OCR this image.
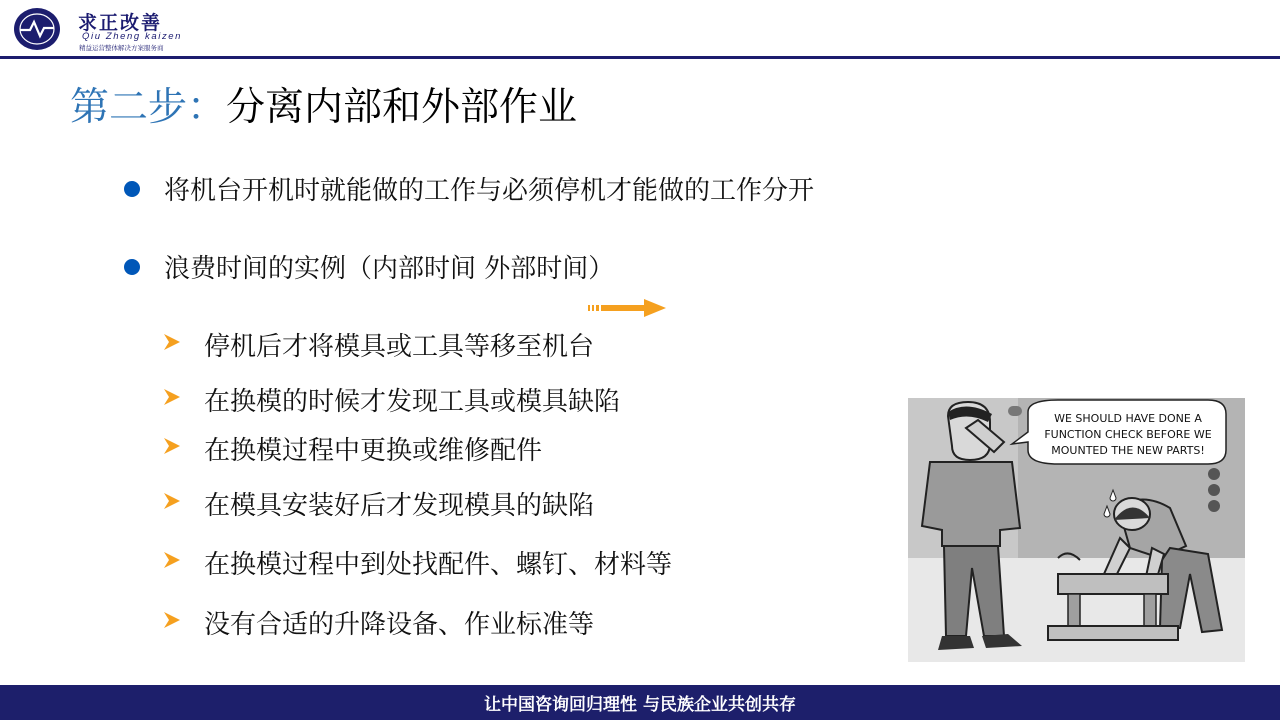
求正改善
Qiu Zheng kaizen
精益运营整体解决方案服务商
第二步：分离内部和外部作业
将机台开机时就能做的工作与必须停机才能做的工作分开
浪费时间的实例（内部时间 外部时间）
停机后才将模具或工具等移至机台
在换模的时候才发现工具或模具缺陷
在换模过程中更换或维修配件
在模具安装好后才发现模具的缺陷
在换模过程中到处找配件、螺钉、材料等
没有合适的升降设备、作业标准等
WE SHOULD HAVE DONE A
FUNCTION CHECK BEFORE WE
MOUNTED THE NEW PARTS!
让中国咨询回归理性 与民族企业共创共存
